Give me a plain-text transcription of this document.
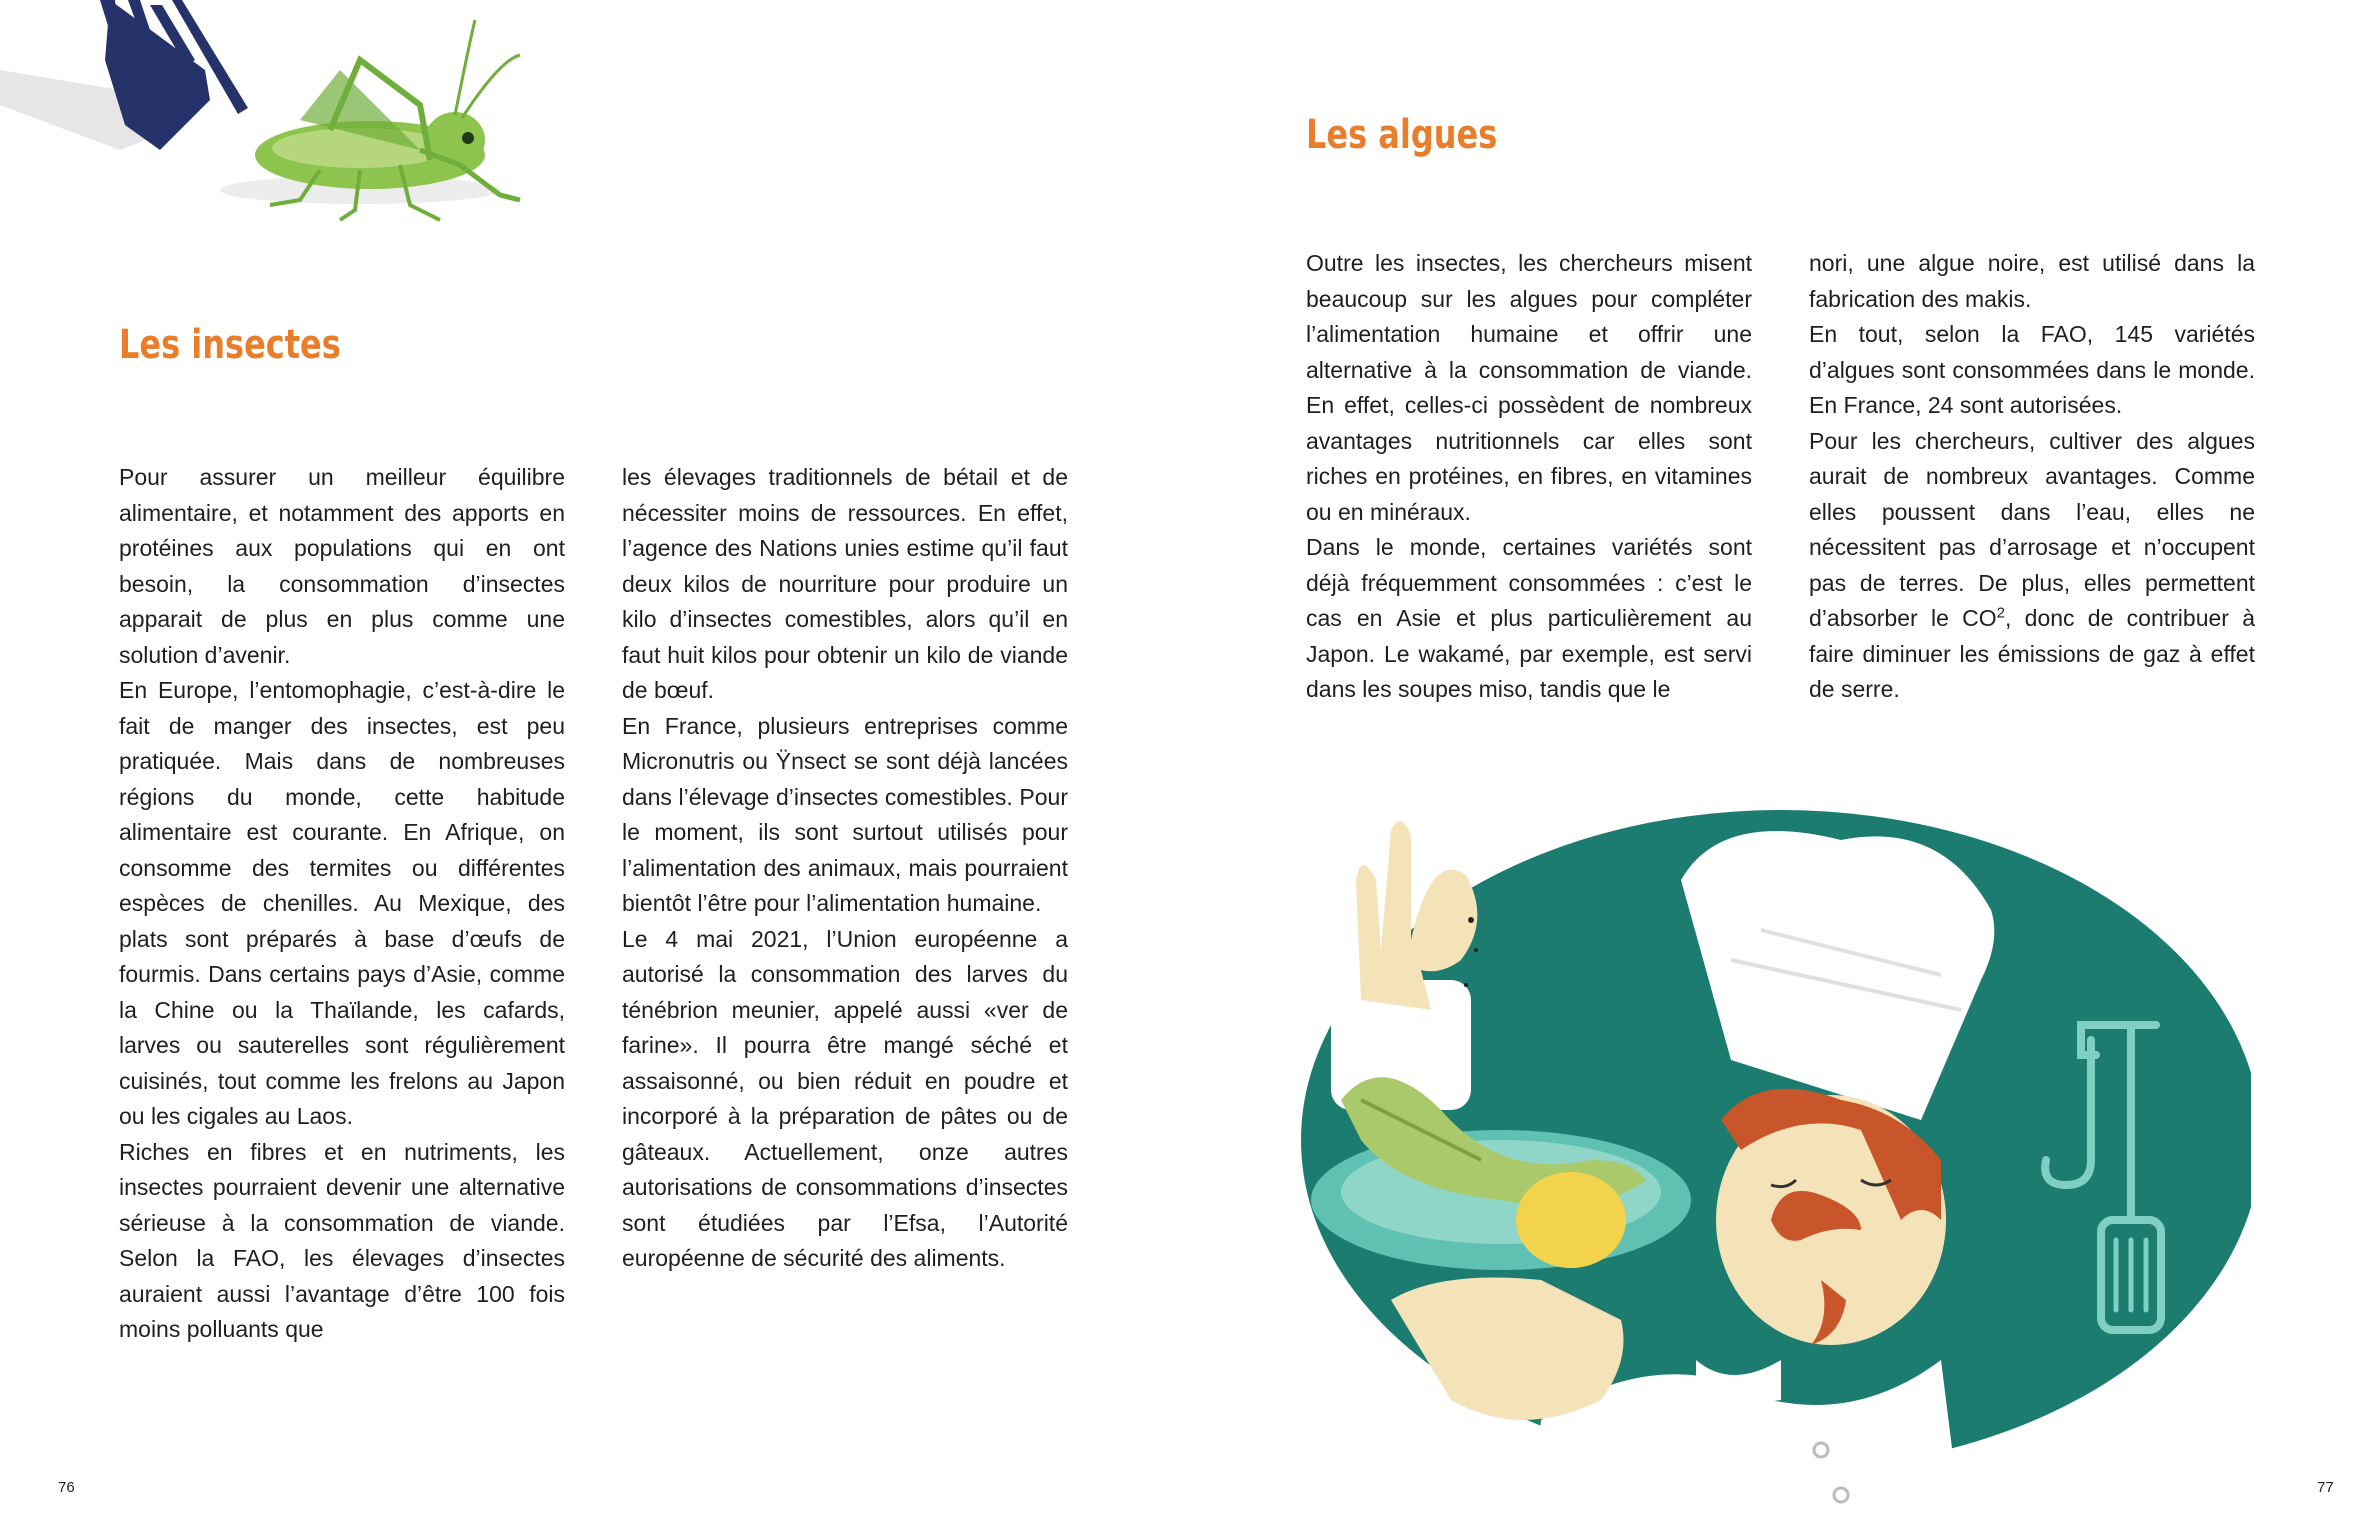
Les insectes

Pour assurer un meilleur équilibre alimentaire, et notamment des apports en protéines aux populations qui en ont besoin, la consommation d’insectes apparait de plus en plus comme une solution d’avenir.

En Europe, l’entomophagie, c’est-à-dire le fait de manger des insectes, est peu pratiquée. Mais dans de nombreuses régions du monde, cette habitude alimentaire est courante. En Afrique, on consomme des termites ou différentes espèces de chenilles. Au Mexique, des plats sont préparés à base d’œufs de fourmis. Dans certains pays d’Asie, comme la Chine ou la Thaïlande, les cafards, larves ou sauterelles sont régulièrement cuisinés, tout comme les frelons au Japon ou les cigales au Laos.

Riches en fibres et en nutriments, les insectes pourraient devenir une alternative sérieuse à la consommation de viande. Selon la FAO, les élevages d’insectes auraient aussi l’avantage d’être 100 fois moins polluants que

les élevages traditionnels de bétail et de nécessiter moins de ressources. En effet, l’agence des Nations unies estime qu’il faut deux kilos de nourriture pour produire un kilo d’insectes comestibles, alors qu’il en faut huit kilos pour obtenir un kilo de viande de bœuf.

En France, plusieurs entreprises comme Micronutris ou Ÿnsect se sont déjà lancées dans l’élevage d’insectes comestibles. Pour le moment, ils sont surtout utilisés pour l’alimentation des animaux, mais pourraient bientôt l’être pour l’alimentation humaine.

Le 4 mai 2021, l’Union européenne a autorisé la consommation des larves du ténébrion meunier, appelé aussi «ver de farine». Il pourra être mangé séché et assaisonné, ou bien réduit en poudre et incorporé à la préparation de pâtes ou de gâteaux. Actuellement, onze autres autorisations de consommations d’insectes sont étudiées par l’Efsa, l’Autorité européenne de sécurité des aliments.

76
Les algues

Outre les insectes, les chercheurs misent beaucoup sur les algues pour compléter l’alimentation humaine et offrir une alternative à la consommation de viande. En effet, celles-ci possèdent de nombreux avantages nutritionnels car elles sont riches en protéines, en fibres, en vitamines ou en minéraux.

Dans le monde, certaines variétés sont déjà fréquemment consommées : c’est le cas en Asie et plus particulièrement au Japon. Le wakamé, par exemple, est servi dans les soupes miso, tandis que le

nori, une algue noire, est utilisé dans la fabrication des makis.

En tout, selon la FAO, 145 variétés d’algues sont consommées dans le monde. En France, 24 sont autorisées.

Pour les chercheurs, cultiver des algues aurait de nombreux avantages. Comme elles poussent dans l’eau, elles ne nécessitent pas d’arrosage et n’occupent pas de terres. De plus, elles permettent d’absorber le $CO^2$, donc de contribuer à faire diminuer les émissions de gaz à effet de serre.

77
